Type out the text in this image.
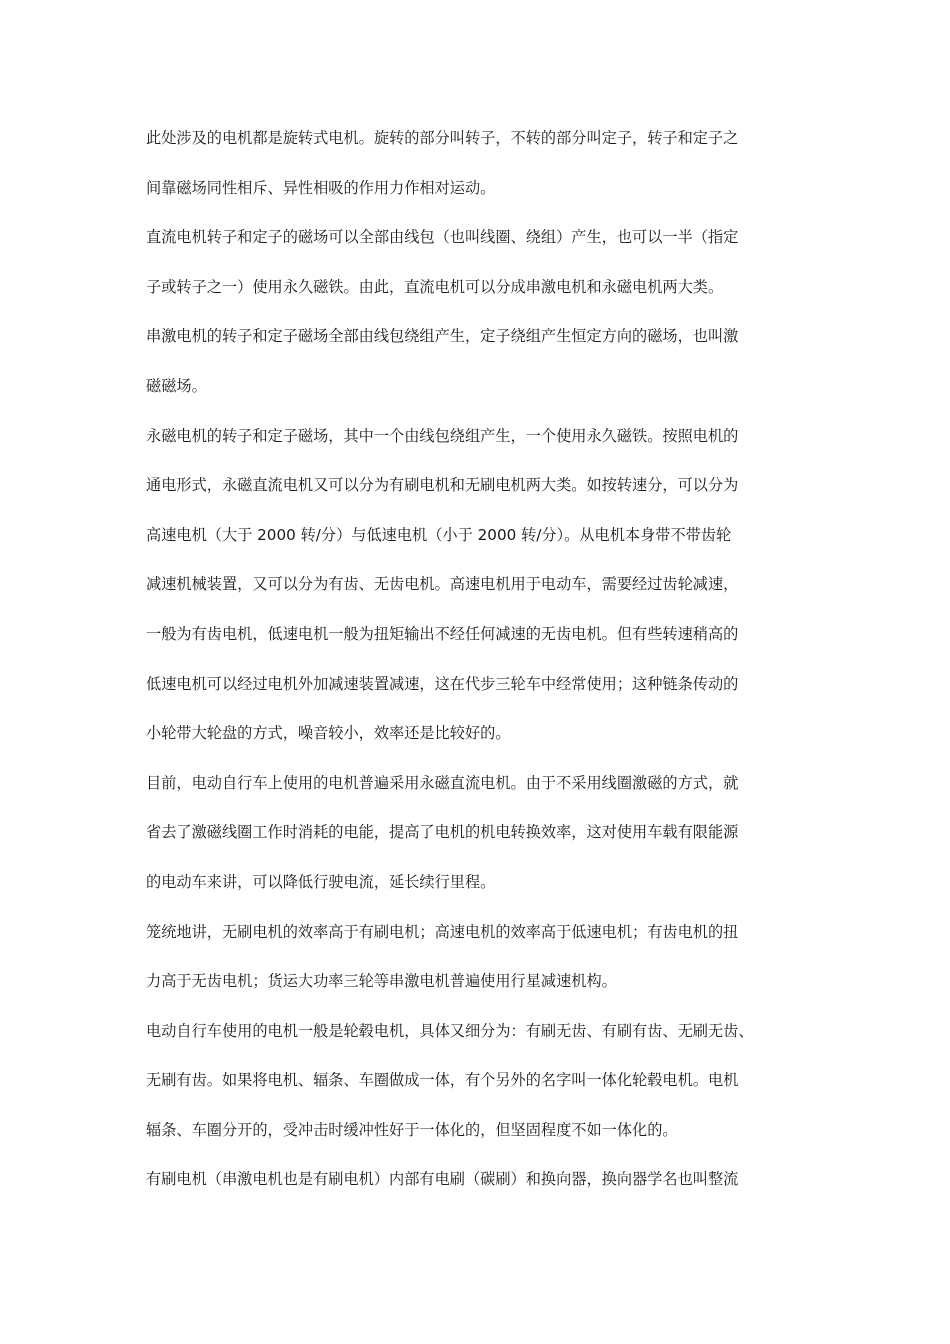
此处涉及的电机都是旋转式电机。旋转的部分叫转子，不转的部分叫定子，转子和定子之
间靠磁场同性相斥、异性相吸的作用力作相对运动。
直流电机转子和定子的磁场可以全部由线包（也叫线圈、绕组）产生，也可以一半（指定
子或转子之一）使用永久磁铁。由此，直流电机可以分成串激电机和永磁电机两大类。
串激电机的转子和定子磁场全部由线包绕组产生，定子绕组产生恒定方向的磁场，也叫激
磁磁场。
永磁电机的转子和定子磁场，其中一个由线包绕组产生，一个使用永久磁铁。按照电机的
通电形式，永磁直流电机又可以分为有刷电机和无刷电机两大类。如按转速分，可以分为
高速电机（大于 2000 转/分）与低速电机（小于 2000 转/分）。从电机本身带不带齿轮
减速机械装置，又可以分为有齿、无齿电机。高速电机用于电动车，需要经过齿轮减速，
一般为有齿电机，低速电机一般为扭矩输出不经任何减速的无齿电机。但有些转速稍高的
低速电机可以经过电机外加减速装置减速，这在代步三轮车中经常使用；这种链条传动的
小轮带大轮盘的方式，噪音较小，效率还是比较好的。
目前，电动自行车上使用的电机普遍采用永磁直流电机。由于不采用线圈激磁的方式，就
省去了激磁线圈工作时消耗的电能，提高了电机的机电转换效率，这对使用车载有限能源
的电动车来讲，可以降低行驶电流，延长续行里程。
笼统地讲，无刷电机的效率高于有刷电机；高速电机的效率高于低速电机；有齿电机的扭
力高于无齿电机；货运大功率三轮等串激电机普遍使用行星减速机构。
电动自行车使用的电机一般是轮毂电机，具体又细分为：有刷无齿、有刷有齿、无刷无齿、
无刷有齿。如果将电机、辐条、车圈做成一体，有个另外的名字叫一体化轮毂电机。电机
辐条、车圈分开的，受冲击时缓冲性好于一体化的，但坚固程度不如一体化的。
有刷电机（串激电机也是有刷电机）内部有电刷（碳刷）和换向器，换向器学名也叫整流
